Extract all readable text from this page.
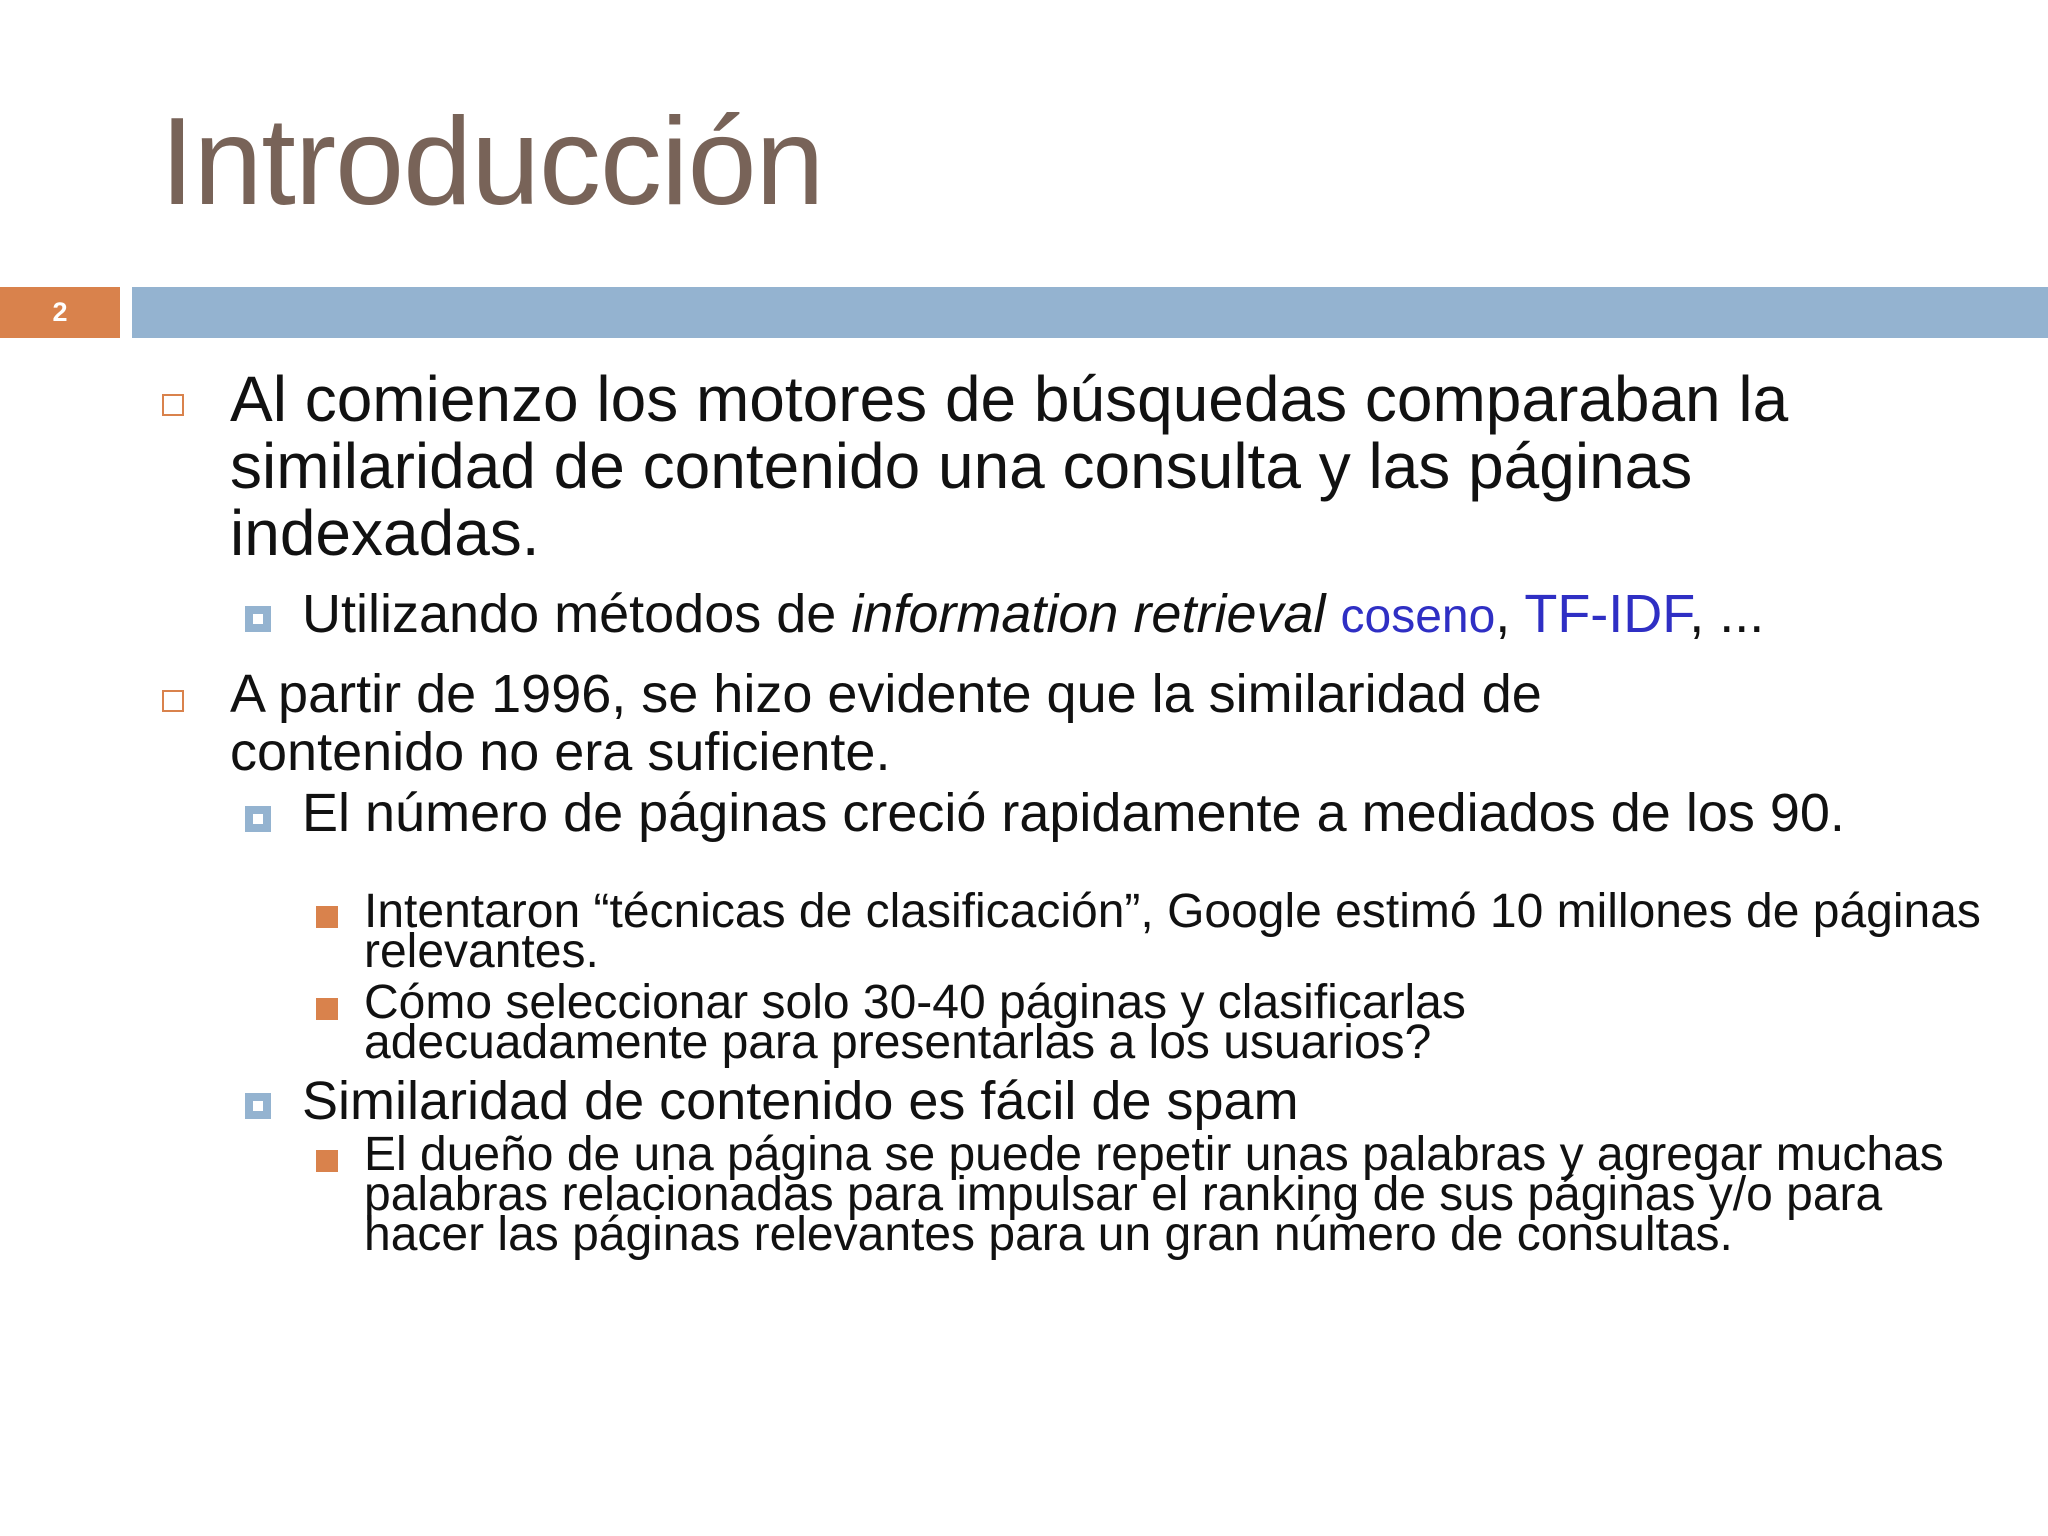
Introducción
2

Al comienzo los motores de búsquedas comparaban la similaridad de contenido una consulta y las páginas indexadas.

Utilizando métodos de information retrieval coseno, TF-IDF, ...

A partir de 1996, se hizo evidente que la similaridad de contenido no era suficiente.

El número de páginas creció rapidamente a mediados de los 90.

Intentaron “técnicas de clasificación”, Google estimó 10 millones de páginas relevantes.

Cómo seleccionar solo 30-40 páginas y clasificarlas adecuadamente para presentarlas a los usuarios?

Similaridad de contenido es fácil de spam

El dueño de una página se puede repetir unas palabras y agregar muchas palabras relacionadas para impulsar el ranking de sus páginas y/o para hacer las páginas relevantes para un gran número de consultas.
